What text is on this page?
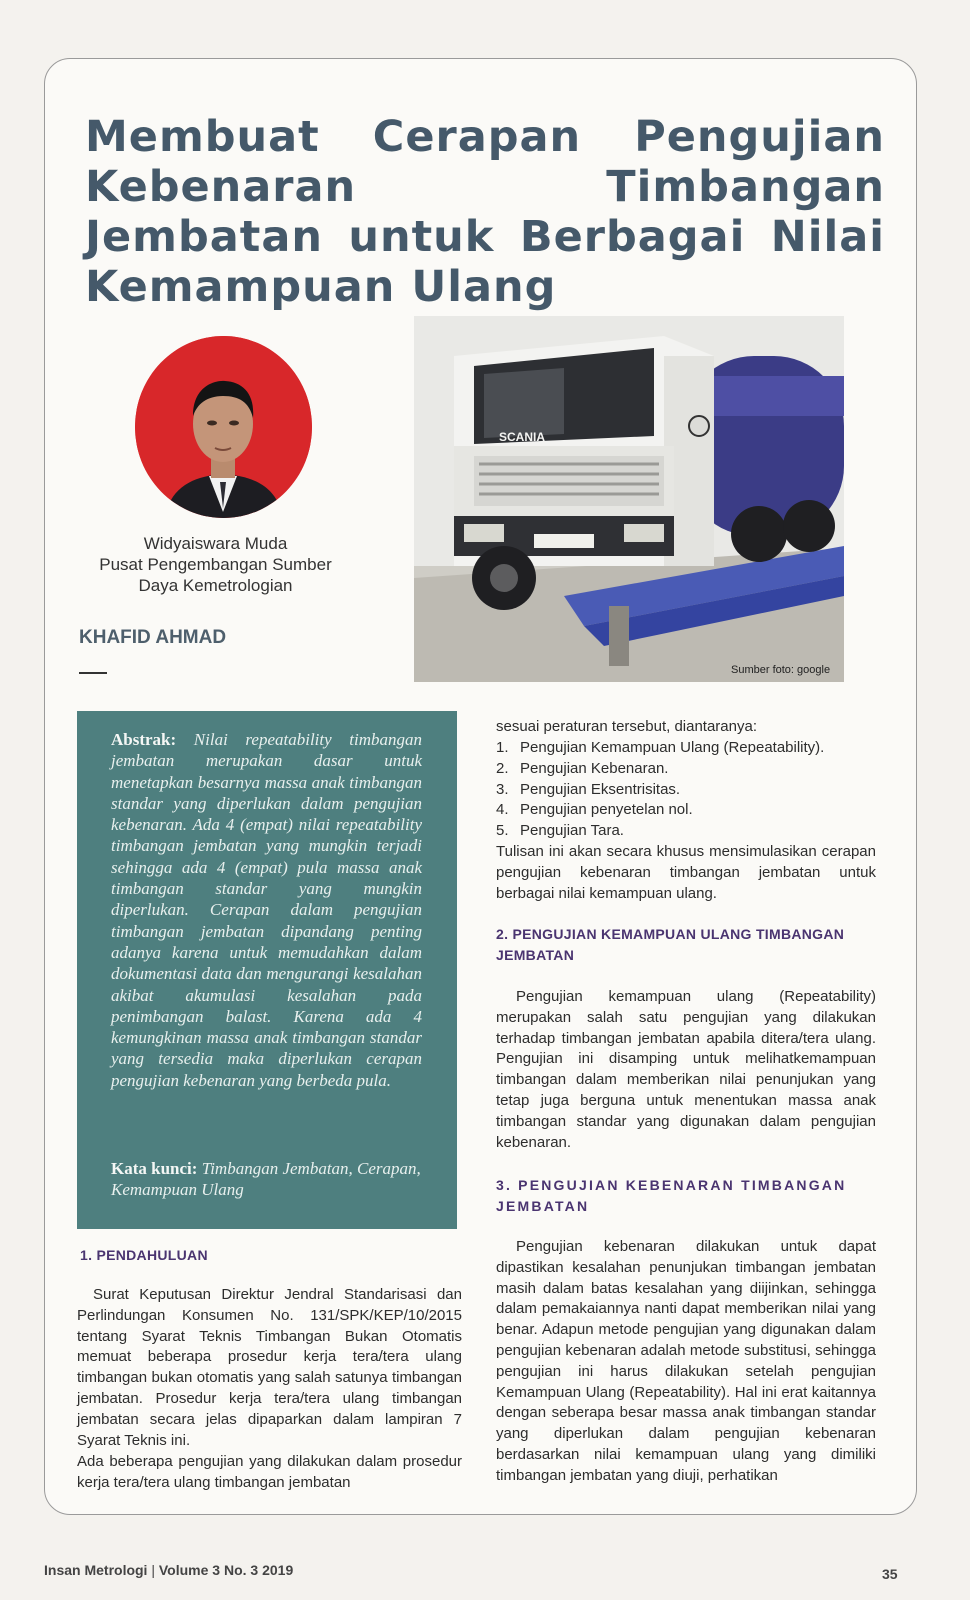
Membuat Cerapan Pengujian Kebenaran Timbangan Jembatan untuk Berbagai Nilai Kemampuan Ulang
Widyaiswara Muda
Pusat Pengembangan Sumber
Daya Kemetrologian
KHAFID AHMAD
SCANIA
Sumber foto: google

Abstrak: Nilai repeatability timbangan jembatan merupakan dasar untuk menetapkan besarnya massa anak timbangan standar yang diperlukan dalam pengujian kebenaran. Ada 4 (empat) nilai repeatability timbangan jembatan yang mungkin terjadi sehingga ada 4 (empat) pula massa anak timbangan standar yang mungkin diperlukan. Cerapan dalam pengujian timbangan jembatan dipandang penting adanya karena untuk memudahkan dalam dokumentasi data dan mengurangi kesalahan akibat akumulasi kesalahan pada penimbangan balast. Karena ada 4 kemungkinan massa anak timbangan standar yang tersedia maka diperlukan cerapan pengujian kebenaran yang berbeda pula.

Kata kunci: Timbangan Jembatan, Cerapan, Kemampuan Ulang

1. PENDAHULUAN

Surat Keputusan Direktur Jendral Standarisasi dan Perlindungan Konsumen No. 131/SPK/KEP/10/2015 tentang Syarat Teknis Timbangan Bukan Otomatis memuat beberapa prosedur kerja tera/tera ulang timbangan bukan otomatis yang salah satunya timbangan jembatan. Prosedur kerja tera/tera ulang timbangan jembatan secara jelas dipaparkan dalam lampiran 7 Syarat Teknis ini.

Ada beberapa pengujian yang dilakukan dalam prosedur kerja tera/tera ulang timbangan jembatan

sesuai peraturan tersebut, diantaranya:

1. Pengujian Kemampuan Ulang (Repeatability).
2. Pengujian Kebenaran.
3. Pengujian Eksentrisitas.
4. Pengujian penyetelan nol.
5. Pengujian Tara.

Tulisan ini akan secara khusus mensimulasikan cerapan pengujian kebenaran timbangan jembatan untuk berbagai nilai kemampuan ulang.

2. PENGUJIAN KEMAMPUAN ULANG TIMBANGAN JEMBATAN

Pengujian kemampuan ulang (Repeatability) merupakan salah satu pengujian yang dilakukan terhadap timbangan jembatan apabila ditera/tera ulang. Pengujian ini disamping untuk melihatkemampuan timbangan dalam memberikan nilai penunjukan yang tetap juga berguna untuk menentukan massa anak timbangan standar yang digunakan dalam pengujian kebenaran.

3. PENGUJIAN KEBENARAN TIMBANGAN JEMBATAN

Pengujian kebenaran dilakukan untuk dapat dipastikan kesalahan penunjukan timbangan jembatan masih dalam batas kesalahan yang diijinkan, sehingga dalam pemakaiannya nanti dapat memberikan nilai yang benar. Adapun metode pengujian yang digunakan dalam pengujian kebenaran adalah metode substitusi, sehingga pengujian ini harus dilakukan setelah pengujian Kemampuan Ulang (Repeatability). Hal ini erat kaitannya dengan seberapa besar massa anak timbangan standar yang diperlukan dalam pengujian kebenaran berdasarkan nilai kemampuan ulang yang dimiliki timbangan jembatan yang diuji, perhatikan

Insan Metrologi | Volume 3 No. 3 2019	35
